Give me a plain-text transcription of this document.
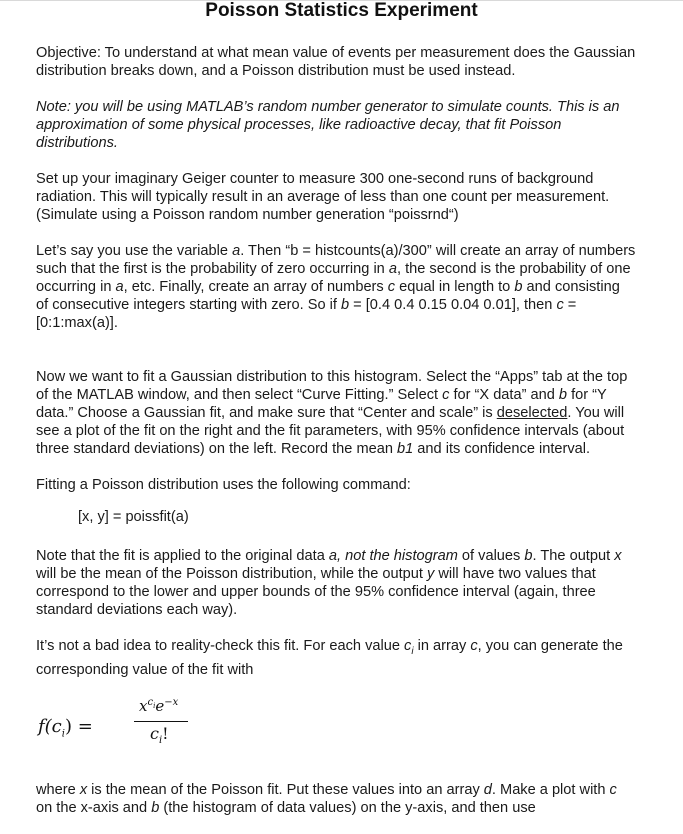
Poisson Statistics Experiment

Objective: To understand at what mean value of events per measurement does the Gaussian distribution breaks down, and a Poisson distribution must be used instead.

Note: you will be using MATLAB’s random number generator to simulate counts. This is an approximation of some physical processes, like radioactive decay, that fit Poisson distributions.

Set up your imaginary Geiger counter to measure 300 one-second runs of background radiation. This will typically result in an average of less than one count per measurement. (Simulate using a Poisson random number generation “poissrnd“)

Let’s say you use the variable a. Then “b = histcounts(a)/300” will create an array of numbers such that the first is the probability of zero occurring in a, the second is the probability of one occurring in a, etc. Finally, create an array of numbers c equal in length to b and consisting of consecutive integers starting with zero. So if b = [0.4 0.4 0.15 0.04 0.01], then c = [0:1:max(a)].

Now we want to fit a Gaussian distribution to this histogram. Select the “Apps” tab at the top of the MATLAB window, and then select “Curve Fitting.” Select c for “X data” and b for “Y data.” Choose a Gaussian fit, and make sure that “Center and scale” is deselected. You will see a plot of the fit on the right and the fit parameters, with 95% confidence intervals (about three standard deviations) on the left. Record the mean b1 and its confidence interval.

Fitting a Poisson distribution uses the following command:

[x, y] = poissfit(a)

Note that the fit is applied to the original data a, not the histogram of values b. The output x will be the mean of the Poisson distribution, while the output y will have two values that correspond to the lower and upper bounds of the 95% confidence interval (again, three standard deviations each way).

It’s not a bad idea to reality-check this fit. For each value $c_i$ in array c, you can generate the corresponding value of the fit with

$f(c_i)$ =
$x^{c_i}e^{-x}$
$c_i$!

where x is the mean of the Poisson fit. Put these values into an array d. Make a plot with c on the x-axis and b (the histogram of data values) on the y-axis, and then use
